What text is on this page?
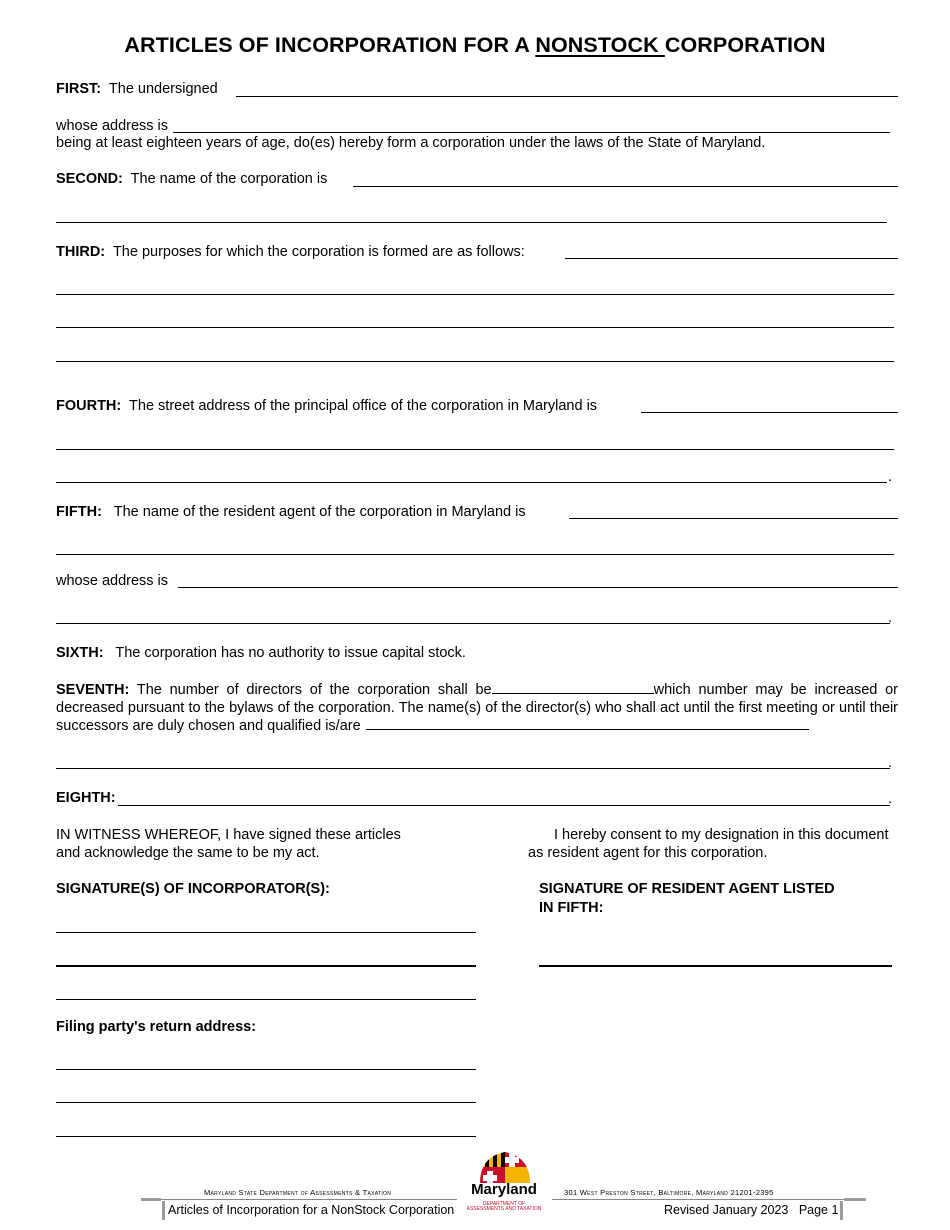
ARTICLES OF INCORPORATION FOR A NONSTOCK CORPORATION
FIRST: The undersigned
whose address is
being at least eighteen years of age, do(es) hereby form a corporation under the laws of the State of Maryland.
SECOND: The name of the corporation is
THIRD: The purposes for which the corporation is formed are as follows:
FOURTH: The street address of the principal office of the corporation in Maryland is
.
FIFTH: The name of the resident agent of the corporation in Maryland is
whose address is
.
SIXTH: The corporation has no authority to issue capital stock.
SEVENTH: The number of directors of the corporation shall be	which number may be increased or decreased pursuant to the bylaws of the corporation. The name(s) of the director(s) who shall act until the first meeting or until their successors are duly chosen and qualified is/are
.
EIGHTH:	.
IN WITNESS WHEREOF, I have signed these articles
and acknowledge the same to be my act.
I hereby consent to my designation in this document
as resident agent for this corporation.
SIGNATURE(S) OF INCORPORATOR(S):	SIGNATURE OF RESIDENT AGENT LISTED
IN FIFTH:
Filing party's return address:
Maryland State Department of Assessments & Taxation	301 West Preston Street, Baltimore, Maryland 21201-2395
Maryland
DEPARTMENT OF
ASSESSMENTS AND TAXATION
Articles of Incorporation for a NonStock Corporation	Revised January 2023 Page 1
